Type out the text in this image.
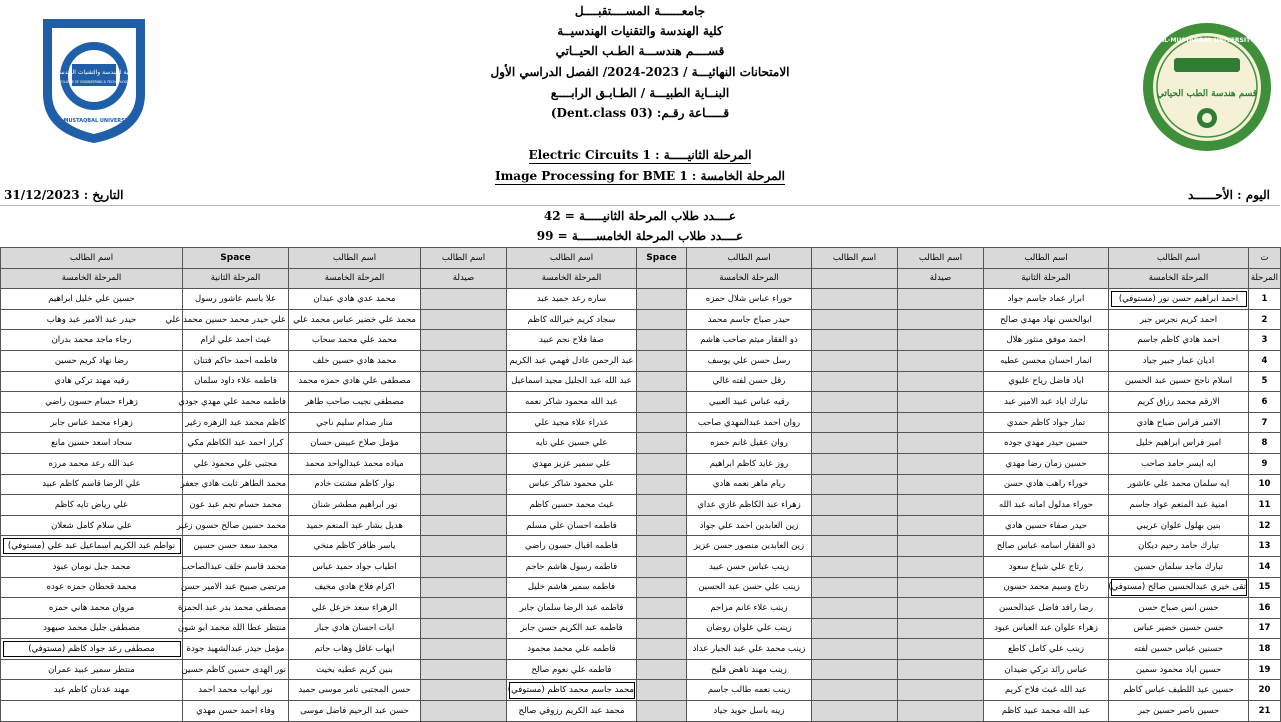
جامعــــــة المســــتقبــــل
كلية الهندسة والتقنيات الهندسيــة
قســــم هندســـة الطـب الحيــاتي
الامتحانات النهائيـــة / 2023-2024/ الفصل الدراسي الأول
البنــاية الطبيـــة / الطـابـق الرابــــع
قـــــاعة رقـم: (Dent.class 03)
كلية الهندسة والتقنيات الهندسية
COLLEGE OF ENGINEERING & TECHNOLOGY
AL-MUSTAQBAL UNIVERSITY
AL-MUSTAQBAL UNIVERSITY
قسم هندسة الطب الحياتي
المرحلة الثانيـــــة : Electric Circuits 1
المرحلة الخامسة : Image Processing for BME 1
اليوم : الأحــــــد
التاريخ : 31/12/2023
عــــدد طلاب المرحلة الثانيـــــة = 42
عــــدد طلاب المرحلة الخامســـــة = 99
ت	اسم الطالب	اسم الطالب	اسم الطالب	اسم الطالب	اسم الطالب	Space	اسم الطالب	اسم الطالب	اسم الطالب	Space	اسم الطالب
المرحلة	المرحلة الخامسة	المرحلة الثانية	صيدلة		المرحلة الخامسة		المرحلة الخامسة	صيدلة	المرحلة الخامسة	المرحلة الثانية	المرحلة الخامسة
1	احمد ابراهيم حسن نور (مستوفي)	ابرار عماد جاسم جواد			حوراء عباس شلال حمزه		ساره رعد حميد عبد		محمد عدي هادي عبدان	علا باسم عاشور رسول	حسين علي خليل ابراهيم
2	احمد كريم نجرس جبر	ابوالحسن نهاد مهدي صالح			حيدر صباح جاسم محمد		سجاد كريم خيرالله كاظم		محمد علي خضير عباس محمد علي	علي حيدر محمد حسين محمد علي	حيدر عبد الامير عبد وهاب
3	احمد هادي كاظم جاسم	احمد موفق منثور هلال			ذو الفقار ميثم صاحب هاشم		صفا فلاح نجم عبيد		محمد علي محمد سحاب	غيث احمد علي لزام	رجاء ماجد محمد بدران
4	اديان عمار جبير جياد	انمار احسان محسن عطيه			رسل حسن علي يوسف		عبد الرحمن عادل فهمي عبد الكريم		محمد هادي حسين خلف	فاطمه احمد حاكم فتنان	رضا نهاد كريم حسين
5	اسلام ناجح حسين عبد الحسين	اياد فاضل رياح عليوي			رقل حسن لفته غالي		عبد الله عبد الجليل مجيد اسماعيل		مصطفى علي هادي حمزه محمد	فاطمه علاء داود سلمان	رقيه مهند تركي هادي
6	الارقم محمد رزاق كريم	تبارك اياد عبد الامير عبد			رقيه عباس عبيد العبيي		عبد الله محمود شاكر نعمه		مصطفى نجيب صاحب طاهر	فاطمه محمد علي مهدي جودي	زهراء حسام حسون راضي
7	الامير فراس صباح هادي	تمار جواد كاظم حمدي			روان احمد عبدالمهدي صاحب		عذراء علاء مجيد علي		منار صدام سليم ناجي	كاظم محمد عبد الزهره زغير	زهراء محمد عباس جابر
8	امير فراس ابراهيم خليل	حسين حيدر مهدي جوده			روان عقيل غانم حمزه		علي حسين علي تايه		مؤمل صلاح عبيس حسان	كرار احمد عبد الكاظم مكي	سجاد اسعد حسين مانع
9	ايه ايسر حامد صاحب	حسين زمان رضا مهدي			روز عايد كاظم ابراهيم		علي سمير عزيز مهدي		مياده محمد عبدالواحد محمد	مجتبى علي محمود علي	عبد الله رعد محمد مرزه
10	ايه سلمان محمد علي عاشور	حوراء راهب هادي حسن			ريام ماهر نعمه هادي		علي محمود شاكر عباس		نوار كاظم مشتت خادم	محمد الطاهر ثابت هادي جعفر	علي الرضا قاسم كاظم عبيد
11	امنية عبد المنعم عواد جاسم	حوراء مدلول امانه عبد الله			زهراء عبد الكاظم غازي عداي		غيث محمد حسين كاظم		نور ابراهيم مطشر شنان	محمد حسام نجم عبد عون	علي رياض تايه كاظم
12	بنين بهلول علوان عريبي	حيدر صفاء حسين هادي			زين العابدين احمد علي جواد		فاطمه احسان علي مسلم		هديل بشار عبد المنعم حميد	محمد حسين صالح حسون زغير	علي سلام كامل شعلان
13	تبارك حامد رحيم ديكان	ذو الفقار اسامه عباس صالح			زين العابدين منصور حسن عزيز		فاطمه اقبال حسون راضي		ياسر ظافر كاظم منخي	محمد سعد حسن حسين	نواطم عبد الكريم اسماعيل عبد علي (مستوفي)
14	تبارك ماجد سلمان حسين	رتاج علي شياع سعود			زينب عباس حسن عبيد		فاطمه رسول هاشم حاجم		اطياب جواد حميد عباس	محمد قاسم خلف عبدالصاحب	محمد جبل نومان عبود
15	تقى خيري عبدالحسين صالح (مستوفي)	رتاج وسيم محمد حسون			زينب علي حسن عبد الحسين		فاطمه سمير هاشم خليل		اكرام فلاح هادي مخيف	مرتضى صبيح عبد الامير حسن	محمد قحطان حمزه عوده
16	حسن انس صباح حسن	رضا رافد فاضل عبدالحسن			زينب علاء غانم مزاحم		فاطمه عبد الرضا سلمان جابر		الزهراء سعد خزعل علي	مصطفى محمد بدر عبد الحمزة	مروان محمد هاني حمزه
17	حسن حسين خضير عباس	زهراء علوان عبد العباس عبود			زينب علي علوان روضان		فاطمه عبد الكريم حسن جابر		ايات احسان هادي جبار	منتظر عطا الله محمد ابو شون	مصطفى جليل محمد صيهود
18	حسنين عباس حسين لفته	زينب علي كامل كاطع			زينب محمد علي عبد الجبار عداد		فاطمه علي محمد محمود		ايهاب غافل وهاب حاتم	مؤمل حيدر عبدالشهيد جودة	مصطفى رعد جواد كاظم (مستوفي)
19	حسين اياد محمود سمين	عباس رائد تركي ضيدان			زينب مهند ناهض فليح		فاطمه علي نعوم صالح		بنين كريم عطيه بخيت	نور الهدى حسين كاظم حسين	منتظر سمير عبيد عمران
20	حسين عبد اللطيف عباس كاظم	عبد الله غيث فلاح كريم			زينب نعمه طالب جاسم		محمد جاسم محمد كاظم (مستوفي)		حسن المجتبى تامر موسى حميد	نور ايهاب محمد احمد	مهند عدنان كاظم عبد
21	حسين ناصر حسين جبر	عبد الله محمد عبيد كاظم			زينه باسل جويد جياد		محمد عبد الكريم رزوقي صالح		حسن عبد الرحيم فاضل موسى	وفاء احمد حسن مهدي	
